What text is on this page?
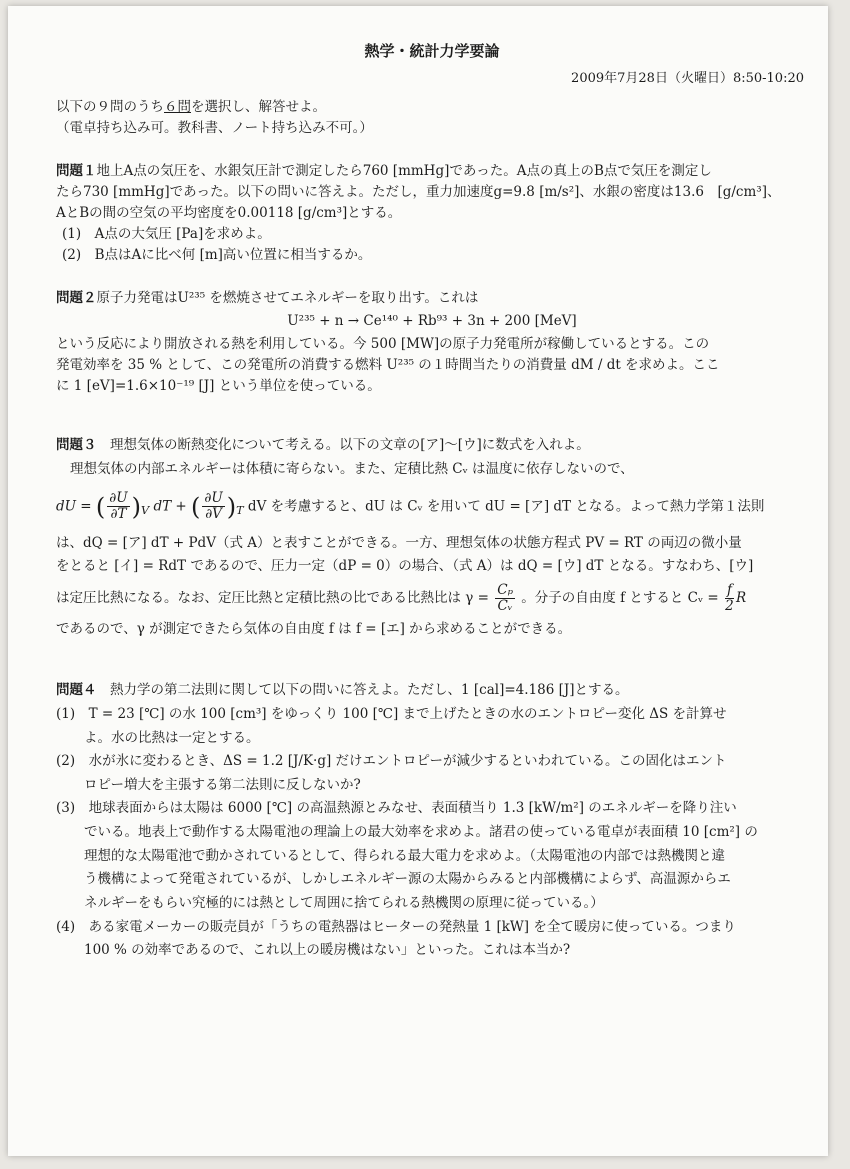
熱学・統計力学要論

2009年7月28日（火曜日）8:50-10:20

以下の９問のうち６問を選択し、解答せよ。

（電卓持ち込み可。教科書、ノート持ち込み不可。）

問題１地上A点の気圧を、水銀気圧計で測定したら760 [mmHg]であった。A点の真上のB点で気圧を測定し

たら730 [mmHg]であった。以下の問いに答えよ。ただし，重力加速度g=9.8 [m/s²]、水銀の密度は13.6　[g/cm³]、

AとBの間の空気の平均密度を0.00118 [g/cm³]とする。

(1)　A点の大気圧 [Pa]を求めよ。

(2)　B点はAに比べ何 [m]高い位置に相当するか。

問題２原子力発電はU²³⁵ を燃焼させてエネルギーを取り出す。これは

U²³⁵ + n → Ce¹⁴⁰ + Rb⁹³ + 3n + 200 [MeV]

という反応により開放される熱を利用している。今 500 [MW]の原子力発電所が稼働しているとする。この

発電効率を 35 % として、この発電所の消費する燃料 U²³⁵ の１時間当たりの消費量 dM / dt を求めよ。ここ

に 1 [eV]=1.6×10⁻¹⁹ [J] という単位を使っている。

問題３　 理想気体の断熱変化について考える。以下の文章の[ア]～[ウ]に数式を入れよ。

理想気体の内部エネルギーは体積に寄らない。また、定積比熱 Cᵥ は温度に依存しないので、

dU = ( $\frac{\partial U}{\partial T} )_V$ dT + ( $\frac{\partial U}{\partial V} )_T$ dV を考慮すると、dU は Cᵥ を用いて dU = [ア] dT となる。よって熱力学第１法則

は、dQ = [ア] dT + PdV（式 A）と表すことができる。一方、理想気体の状態方程式 PV = RT の両辺の微小量

をとると [イ] = RdT であるので、圧力一定（dP = 0）の場合、（式 A）は dQ = [ウ] dT となる。すなわち、[ウ]

は定圧比熱になる。なお、定圧比熱と定積比熱の比である比熱比は $\gamma = \frac{\text{Cₚ}}{\text{Cᵥ}}$ 。分子の自由度 f とすると Cᵥ = $\frac{f}{2}$ R

であるので、γ が測定できたら気体の自由度 f は f = [エ] から求めることができる。

問題４　 熱力学の第二法則に関して以下の問いに答えよ。ただし、1 [cal]=4.186 [J]とする。

(1)　T = 23 [℃] の水 100 [cm³] をゆっくり 100 [℃] まで上げたときの水のエントロピー変化 ΔS を計算せ

よ。水の比熱は一定とする。

(2)　水が氷に変わるとき、ΔS = 1.2 [J/K·g] だけエントロピーが減少するといわれている。この固化はエント

ロピー増大を主張する第二法則に反しないか?

(3)　地球表面からは太陽は 6000 [℃] の高温熱源とみなせ、表面積当り 1.3 [kW/m²] のエネルギーを降り注い

でいる。地表上で動作する太陽電池の理論上の最大効率を求めよ。諸君の使っている電卓が表面積 10 [cm²] の

理想的な太陽電池で動かされているとして、得られる最大電力を求めよ。（太陽電池の内部では熱機関と違

う機構によって発電されているが、しかしエネルギー源の太陽からみると内部機構によらず、高温源からエ

ネルギーをもらい究極的には熱として周囲に捨てられる熱機関の原理に従っている。）

(4)　ある家電メーカーの販売員が「うちの電熱器はヒーターの発熱量 1 [kW] を全て暖房に使っている。つまり

100 % の効率であるので、これ以上の暖房機はない」といった。これは本当か?
